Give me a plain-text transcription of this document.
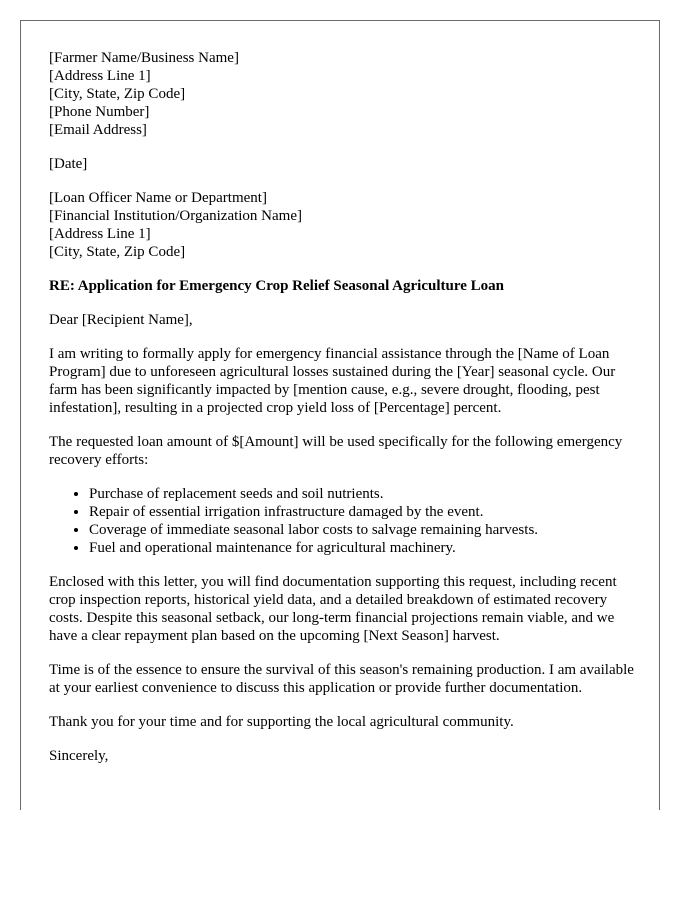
[Farmer Name/Business Name]
[Address Line 1]
[City, State, Zip Code]
[Phone Number]
[Email Address]
[Date]
[Loan Officer Name or Department]
[Financial Institution/Organization Name]
[Address Line 1]
[City, State, Zip Code]
RE: Application for Emergency Crop Relief Seasonal Agriculture Loan

Dear [Recipient Name],

I am writing to formally apply for emergency financial assistance through the [Name of Loan Program] due to unforeseen agricultural losses sustained during the [Year] seasonal cycle. Our farm has been significantly impacted by [mention cause, e.g., severe drought, flooding, pest infestation], resulting in a projected crop yield loss of [Percentage] percent.

The requested loan amount of $[Amount] will be used specifically for the following emergency recovery efforts:

• Purchase of replacement seeds and soil nutrients.
• Repair of essential irrigation infrastructure damaged by the event.
• Coverage of immediate seasonal labor costs to salvage remaining harvests.
• Fuel and operational maintenance for agricultural machinery.

Enclosed with this letter, you will find documentation supporting this request, including recent crop inspection reports, historical yield data, and a detailed breakdown of estimated recovery costs. Despite this seasonal setback, our long-term financial projections remain viable, and we have a clear repayment plan based on the upcoming [Next Season] harvest.

Time is of the essence to ensure the survival of this season's remaining production. I am available at your earliest convenience to discuss this application or provide further documentation.

Thank you for your time and for supporting the local agricultural community.

Sincerely,
